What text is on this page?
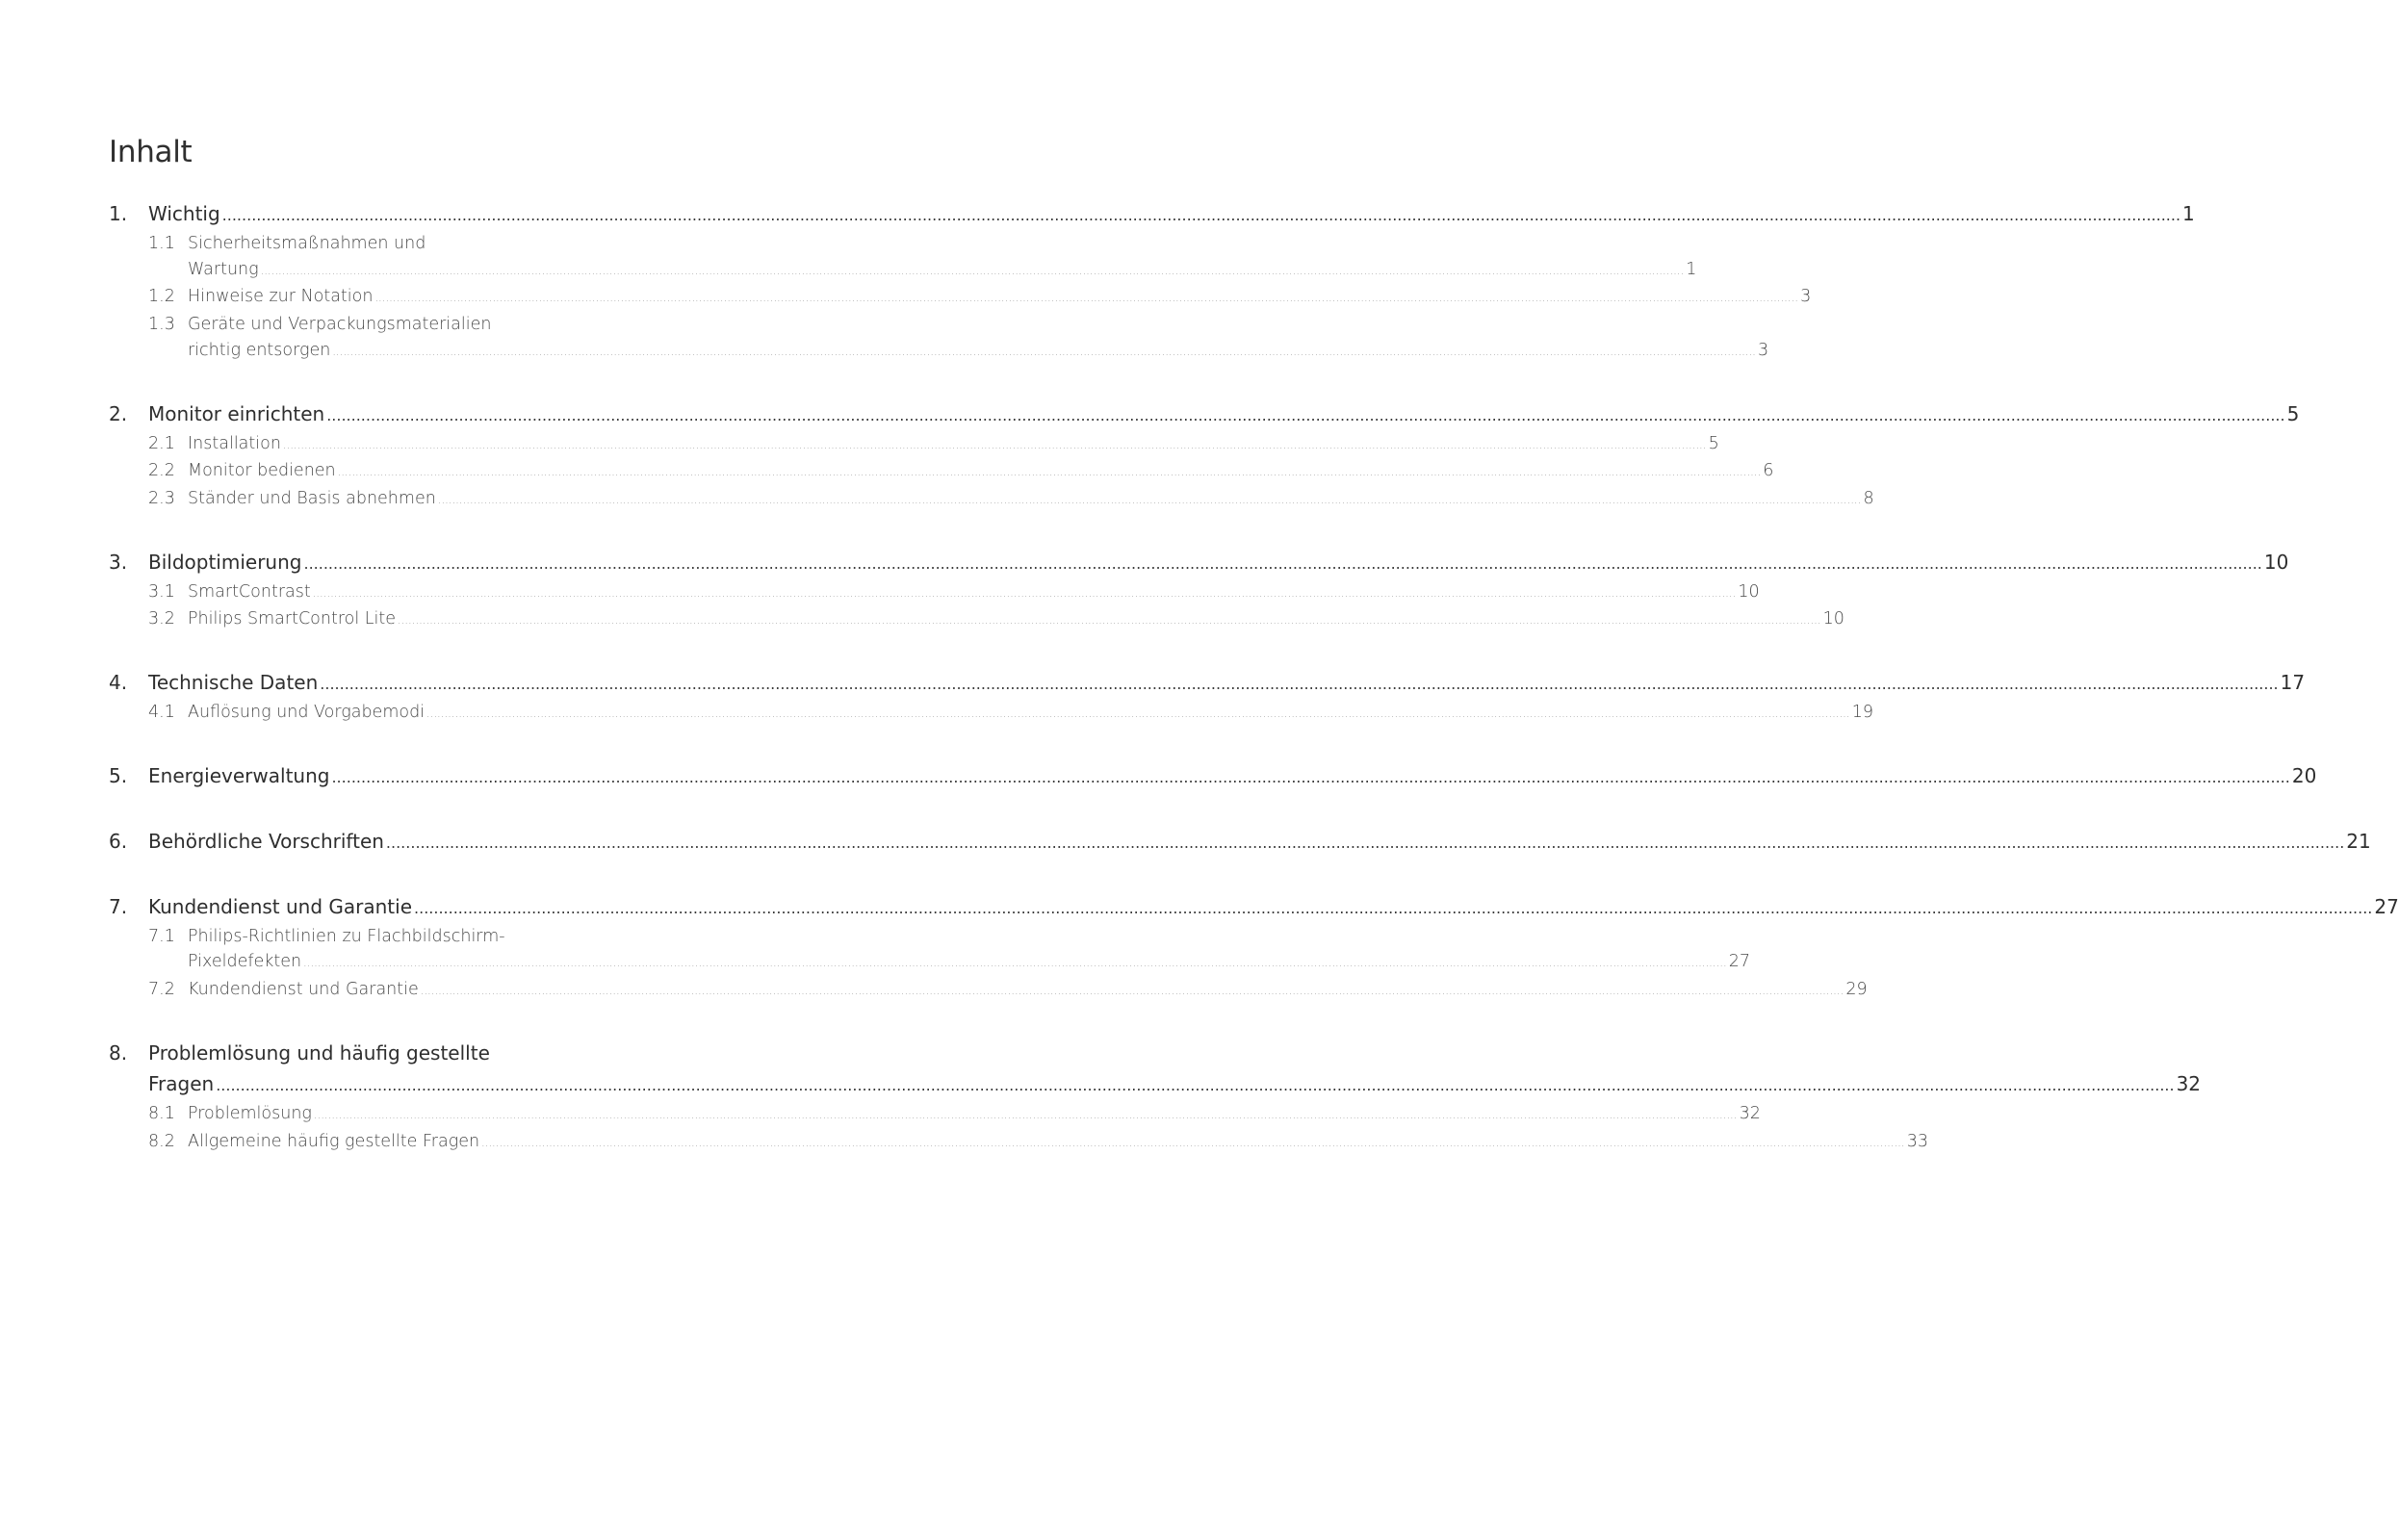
Inhalt
1.	Wichtig ................................................................................................................................................................................................................................................................................................................................................................................................................ 1
1.1 Sicherheitsmaßnahmen und
Wartung ................................................................................................................................................................................................................................................................................................................................................................................................................ 1
1.2 Hinweise zur Notation ................................................................................................................................................................................................................................................................................................................................................................................................................ 3
1.3 Geräte und Verpackungsmaterialien
richtig entsorgen ................................................................................................................................................................................................................................................................................................................................................................................................................ 3
2.	Monitor einrichten ................................................................................................................................................................................................................................................................................................................................................................................................................ 5
2.1 Installation ................................................................................................................................................................................................................................................................................................................................................................................................................ 5
2.2 Monitor bedienen ................................................................................................................................................................................................................................................................................................................................................................................................................ 6
2.3 Ständer und Basis abnehmen ................................................................................................................................................................................................................................................................................................................................................................................................................ 8
3.	Bildoptimierung ................................................................................................................................................................................................................................................................................................................................................................................................................ 10
3.1 SmartContrast ................................................................................................................................................................................................................................................................................................................................................................................................................ 10
3.2 Philips SmartControl Lite ................................................................................................................................................................................................................................................................................................................................................................................................................ 10
4.	Technische Daten ................................................................................................................................................................................................................................................................................................................................................................................................................ 17
4.1 Auflösung und Vorgabemodi ................................................................................................................................................................................................................................................................................................................................................................................................................ 19
5.	Energieverwaltung ................................................................................................................................................................................................................................................................................................................................................................................................................ 20
6.	Behördliche Vorschriften ................................................................................................................................................................................................................................................................................................................................................................................................................ 21
7.	Kundendienst und Garantie ................................................................................................................................................................................................................................................................................................................................................................................................................ 27
7.1 Philips-Richtlinien zu Flachbildschirm-
Pixeldefekten ................................................................................................................................................................................................................................................................................................................................................................................................................ 27
7.2 Kundendienst und Garantie ................................................................................................................................................................................................................................................................................................................................................................................................................ 29
8.	Problemlösung und häufig gestellte
Fragen ................................................................................................................................................................................................................................................................................................................................................................................................................ 32
8.1 Problemlösung ................................................................................................................................................................................................................................................................................................................................................................................................................ 32
8.2 Allgemeine häufig gestellte Fragen ................................................................................................................................................................................................................................................................................................................................................................................................................ 33
